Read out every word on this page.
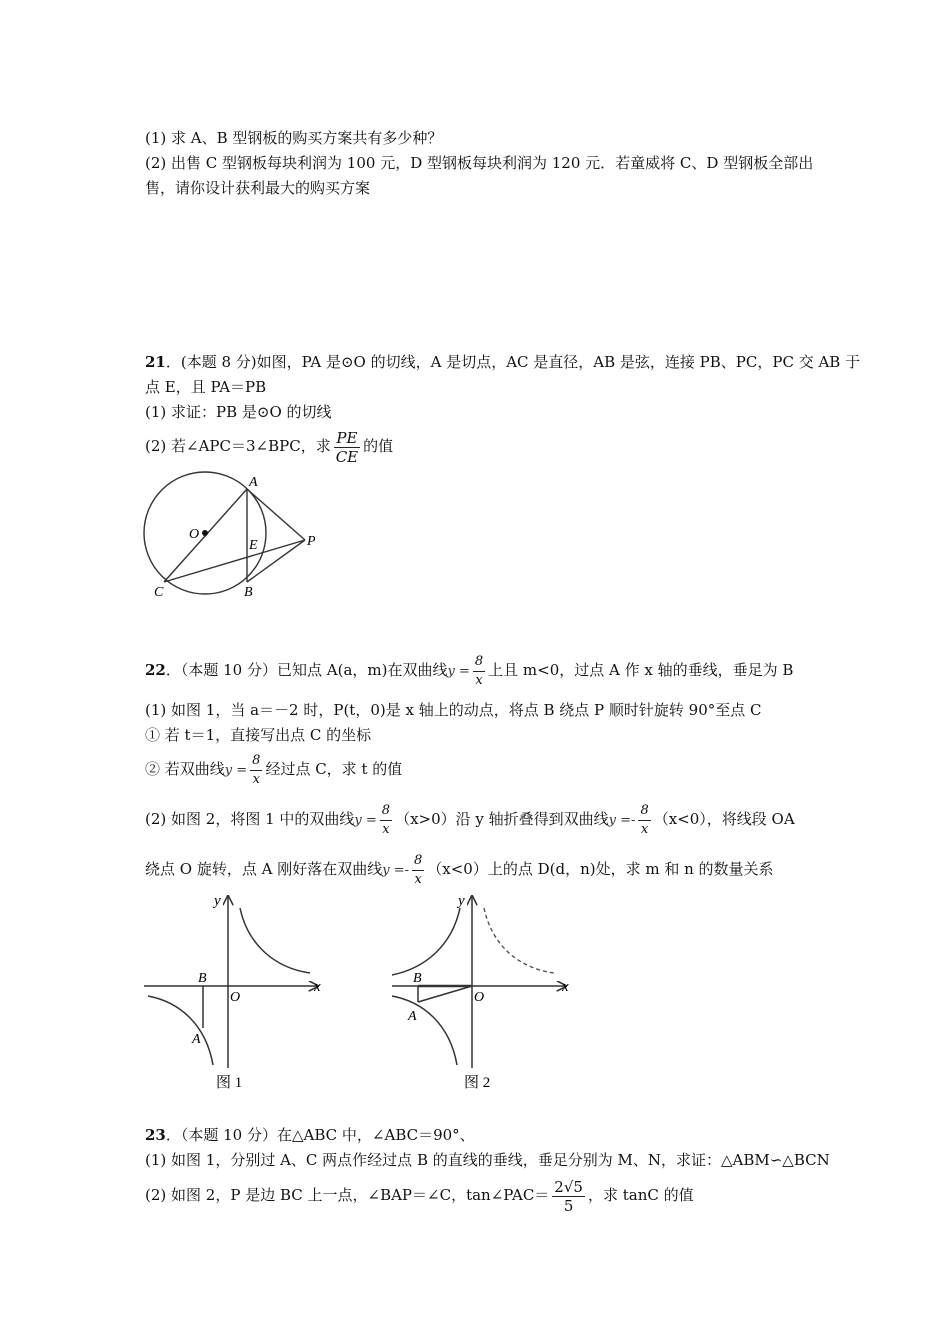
(1) 求 A、B 型钢板的购买方案共有多少种？
(2) 出售 C 型钢板每块利润为 100 元，D 型钢板每块利润为 120 元．若童威将 C、D 型钢板全部出
售，请你设计获利最大的购买方案
21．(本题 8 分)如图，PA 是⊙O 的切线，A 是切点，AC 是直径，AB 是弦，连接 PB、PC，PC 交 AB 于
点 E，且 PA＝PB
(1) 求证：PB 是⊙O 的切线
(2) 若∠APC＝3∠BPC，求 $\frac{PE}{CE}$ 的值
A
O
E	P
C	B
22．（本题 10 分）已知点 A(a，m)在双曲线$y = \frac{8}{x}$ 上且 m<0，过点 A 作 x 轴的垂线，垂足为 B
(1) 如图 1，当 a＝－2 时，P(t，0)是 x 轴上的动点，将点 B 绕点 P 顺时针旋转 90°至点 C
① 若 t＝1，直接写出点 C 的坐标
② 若双曲线$y = \frac{8}{x}$ 经过点 C，求 t 的值
(2) 如图 2，将图 1 中的双曲线$y = \frac{8}{x} (x>0)$沿 y 轴折叠得到双曲线$y =- \frac{8}{x} (x<0)$，将线段 OA
绕点 O 旋转，点 A 刚好落在双曲线$y =- \frac{8}{x} (x<0)$上的点 D(d，n)处，求 m 和 n 的数量关系
y
x
B
O
A
图 1
y
x
B
O
A
图 2
23．（本题 10 分）在△ABC 中，∠ABC＝90°、
(1) 如图 1，分别过 A、C 两点作经过点 B 的直线的垂线，垂足分别为 M、N，求证：△ABM∽△BCN
(2) 如图 2，P 是边 BC 上一点，∠BAP＝∠C，tan∠PAC＝ $\frac{2√5}{5}$ ，求 tanC 的值
